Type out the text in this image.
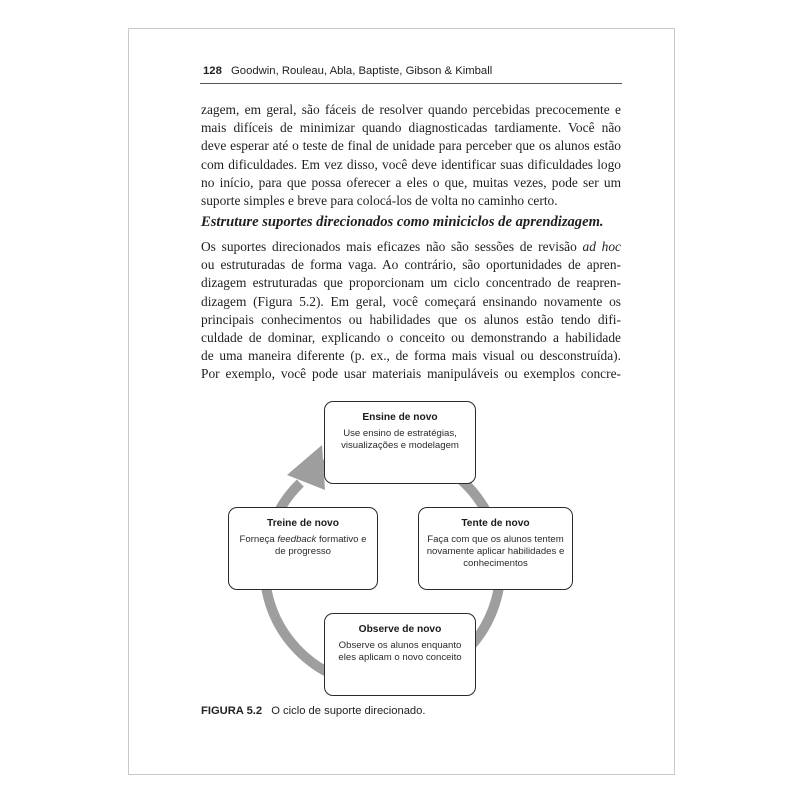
128 Goodwin, Rouleau, Abla, Baptiste, Gibson & Kimball
zagem, em geral, são fáceis de resolver quando percebidas precocemente e
mais difíceis de minimizar quando diagnosticadas tardiamente. Você não
deve esperar até o teste de final de unidade para perceber que os alunos estão
com dificuldades. Em vez disso, você deve identificar suas dificuldades logo
no início, para que possa oferecer a eles o que, muitas vezes, pode ser um
suporte simples e breve para colocá-los de volta no caminho certo.
Estruture suportes direcionados como miniciclos de aprendizagem.
Os suportes direcionados mais eficazes não são sessões de revisão ad hoc
ou estruturadas de forma vaga. Ao contrário, são oportunidades de apren-
dizagem estruturadas que proporcionam um ciclo concentrado de reapren-
dizagem (Figura 5.2). Em geral, você começará ensinando novamente os
principais conhecimentos ou habilidades que os alunos estão tendo difi-
culdade de dominar, explicando o conceito ou demonstrando a habilidade
de uma maneira diferente (p. ex., de forma mais visual ou desconstruída).
Por exemplo, você pode usar materiais manipuláveis ou exemplos concre-
Ensine de novo
Use ensino de estratégias, visualizações e modelagem
Treine de novo
Forneça feedback formativo e de progresso
Tente de novo
Faça com que os alunos tentem novamente aplicar habilidades e conhecimentos
Observe de novo
Observe os alunos enquanto eles aplicam o novo conceito
FIGURA 5.2 O ciclo de suporte direcionado.
